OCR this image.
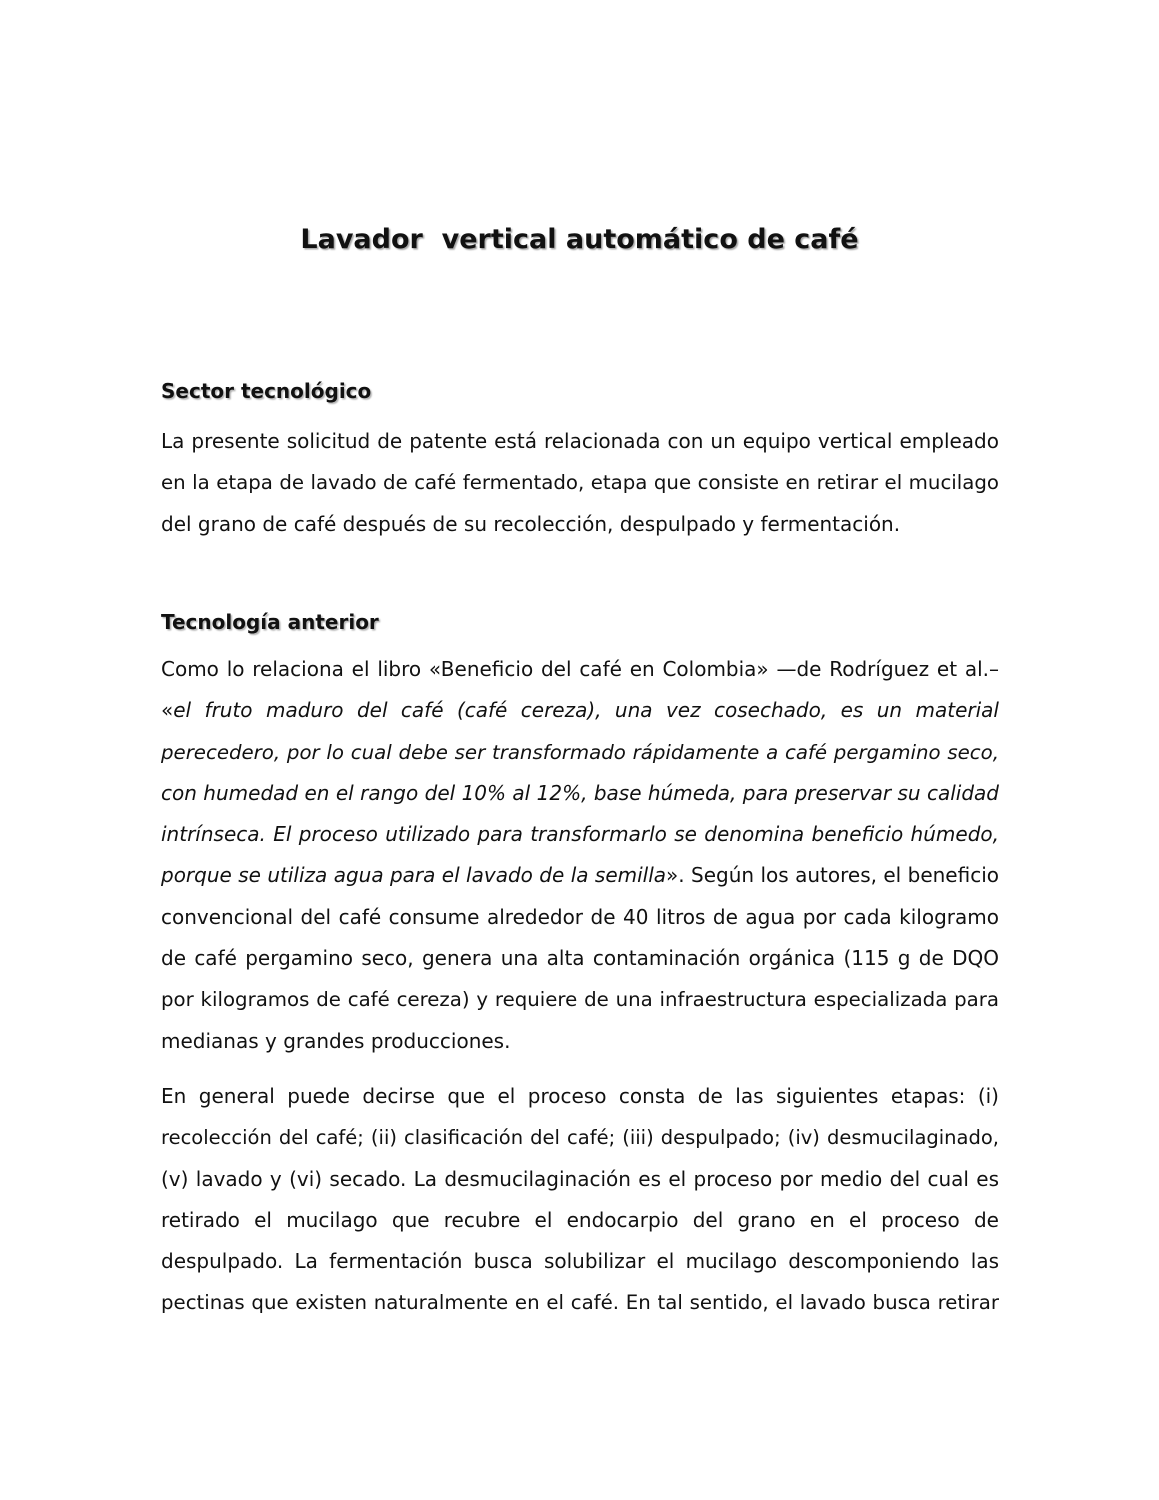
Lavador  vertical automático de café
Sector tecnológico
La presente solicitud de patente está relacionada con un equipo vertical empleado
en la etapa de lavado de café fermentado, etapa que consiste en retirar el mucilago
del grano de café después de su recolección, despulpado y fermentación.
Tecnología anterior
Como lo relaciona el libro «Beneficio del café en Colombia» —de Rodríguez et al.–
«el fruto maduro del café (café cereza), una vez cosechado, es un material
perecedero, por lo cual debe ser transformado rápidamente a café pergamino seco,
con humedad en el rango del 10% al 12%, base húmeda, para preservar su calidad
intrínseca. El proceso utilizado para transformarlo se denomina beneficio húmedo,
porque se utiliza agua para el lavado de la semilla». Según los autores, el beneficio
convencional del café consume alrededor de 40 litros de agua por cada kilogramo
de café pergamino seco, genera una alta contaminación orgánica (115 g de DQO
por kilogramos de café cereza) y requiere de una infraestructura especializada para
medianas y grandes producciones.
En general puede decirse que el proceso consta de las siguientes etapas: (i)
recolección del café; (ii) clasificación del café; (iii) despulpado; (iv) desmucilaginado,
(v) lavado y (vi) secado. La desmucilaginación es el proceso por medio del cual es
retirado el mucilago que recubre el endocarpio del grano en el proceso de
despulpado. La fermentación busca solubilizar el mucilago descomponiendo las
pectinas que existen naturalmente en el café. En tal sentido, el lavado busca retirar
